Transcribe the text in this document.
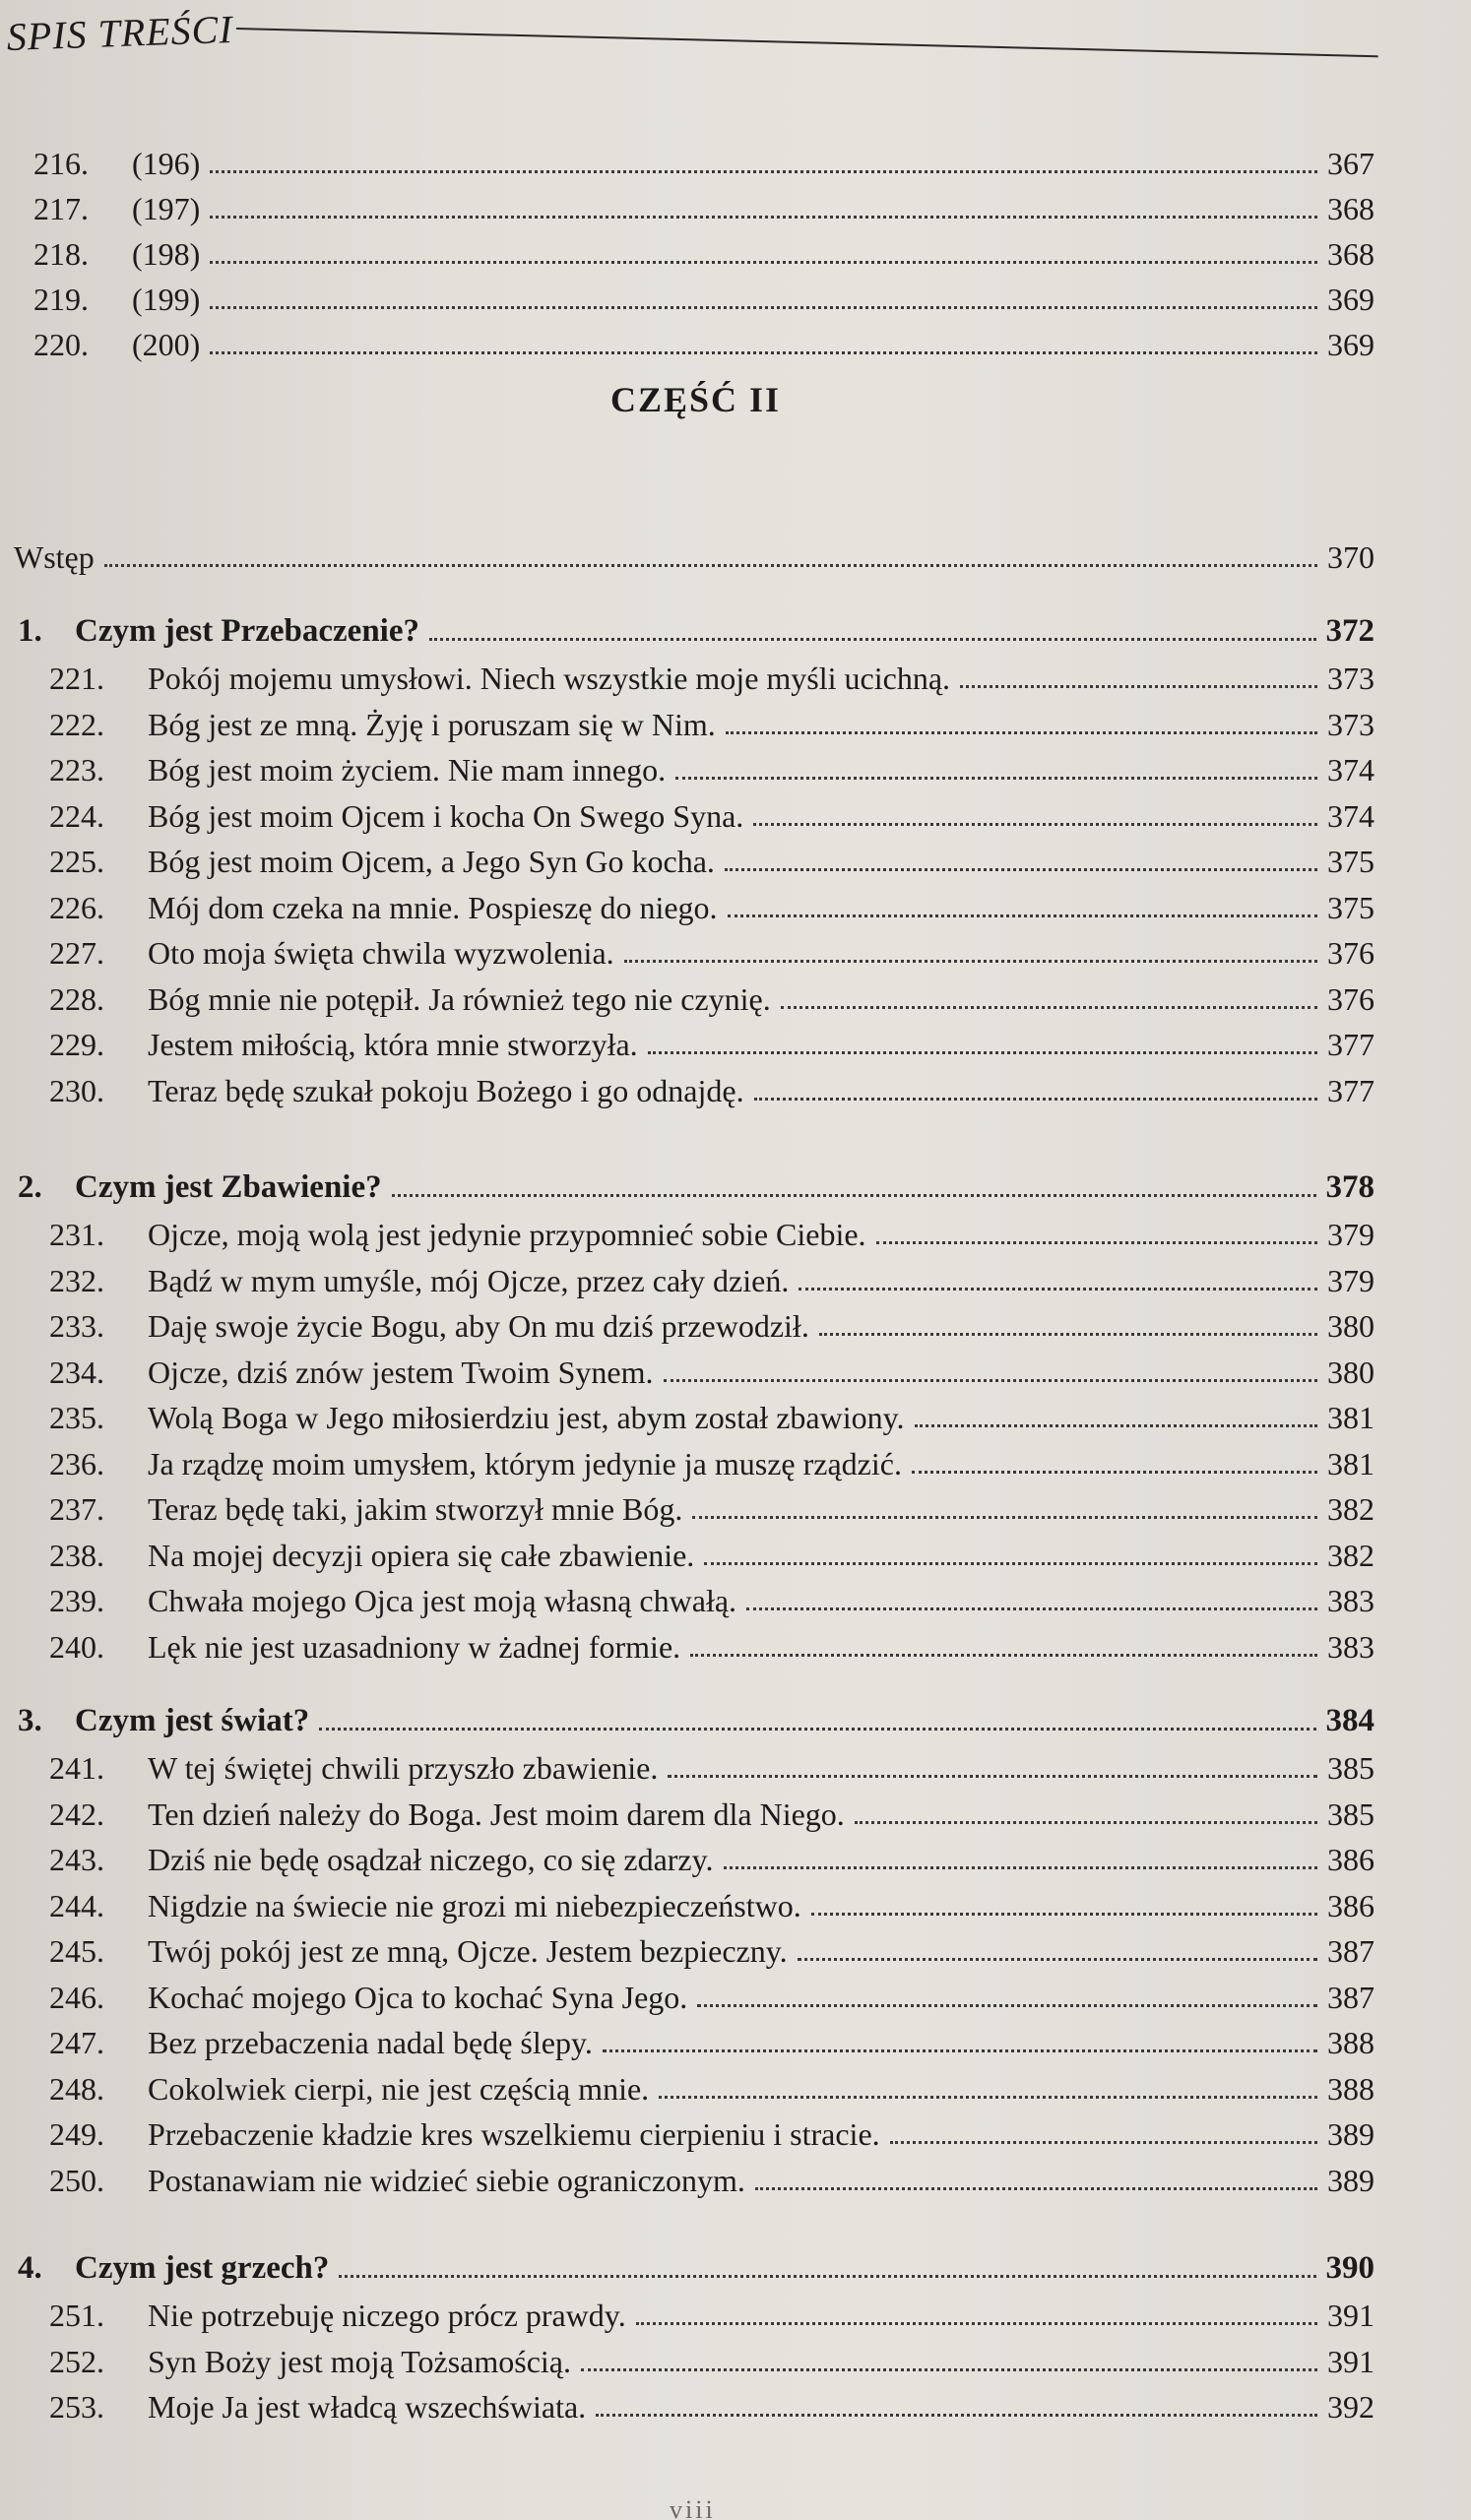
SPIS TREŚCI
CZĘŚĆ II
216.	(196)	367
217.	(197)	368
218.	(198)	368
219.	(199)	369
220.	(200)	369
Wstęp	370
1.	Czym jest Przebaczenie?	372
221.	Pokój mojemu umysłowi. Niech wszystkie moje myśli ucichną.	373
222.	Bóg jest ze mną. Żyję i poruszam się w Nim.	373
223.	Bóg jest moim życiem. Nie mam innego.	374
224.	Bóg jest moim Ojcem i kocha On Swego Syna.	374
225.	Bóg jest moim Ojcem, a Jego Syn Go kocha.	375
226.	Mój dom czeka na mnie. Pospieszę do niego.	375
227.	Oto moja święta chwila wyzwolenia.	376
228.	Bóg mnie nie potępił. Ja również tego nie czynię.	376
229.	Jestem miłością, która mnie stworzyła.	377
230.	Teraz będę szukał pokoju Bożego i go odnajdę.	377
2.	Czym jest Zbawienie?	378
231.	Ojcze, moją wolą jest jedynie przypomnieć sobie Ciebie.	379
232.	Bądź w mym umyśle, mój Ojcze, przez cały dzień.	379
233.	Daję swoje życie Bogu, aby On mu dziś przewodził.	380
234.	Ojcze, dziś znów jestem Twoim Synem.	380
235.	Wolą Boga w Jego miłosierdziu jest, abym został zbawiony.	381
236.	Ja rządzę moim umysłem, którym jedynie ja muszę rządzić.	381
237.	Teraz będę taki, jakim stworzył mnie Bóg.	382
238.	Na mojej decyzji opiera się całe zbawienie.	382
239.	Chwała mojego Ojca jest moją własną chwałą.	383
240.	Lęk nie jest uzasadniony w żadnej formie.	383
3.	Czym jest świat?	384
241.	W tej świętej chwili przyszło zbawienie.	385
242.	Ten dzień należy do Boga. Jest moim darem dla Niego.	385
243.	Dziś nie będę osądzał niczego, co się zdarzy.	386
244.	Nigdzie na świecie nie grozi mi niebezpieczeństwo.	386
245.	Twój pokój jest ze mną, Ojcze. Jestem bezpieczny.	387
246.	Kochać mojego Ojca to kochać Syna Jego.	387
247.	Bez przebaczenia nadal będę ślepy.	388
248.	Cokolwiek cierpi, nie jest częścią mnie.	388
249.	Przebaczenie kładzie kres wszelkiemu cierpieniu i stracie.	389
250.	Postanawiam nie widzieć siebie ograniczonym.	389
4.	Czym jest grzech?	390
251.	Nie potrzebuję niczego prócz prawdy.	391
252.	Syn Boży jest moją Tożsamością.	391
253.	Moje Ja jest władcą wszechświata.	392
viii
